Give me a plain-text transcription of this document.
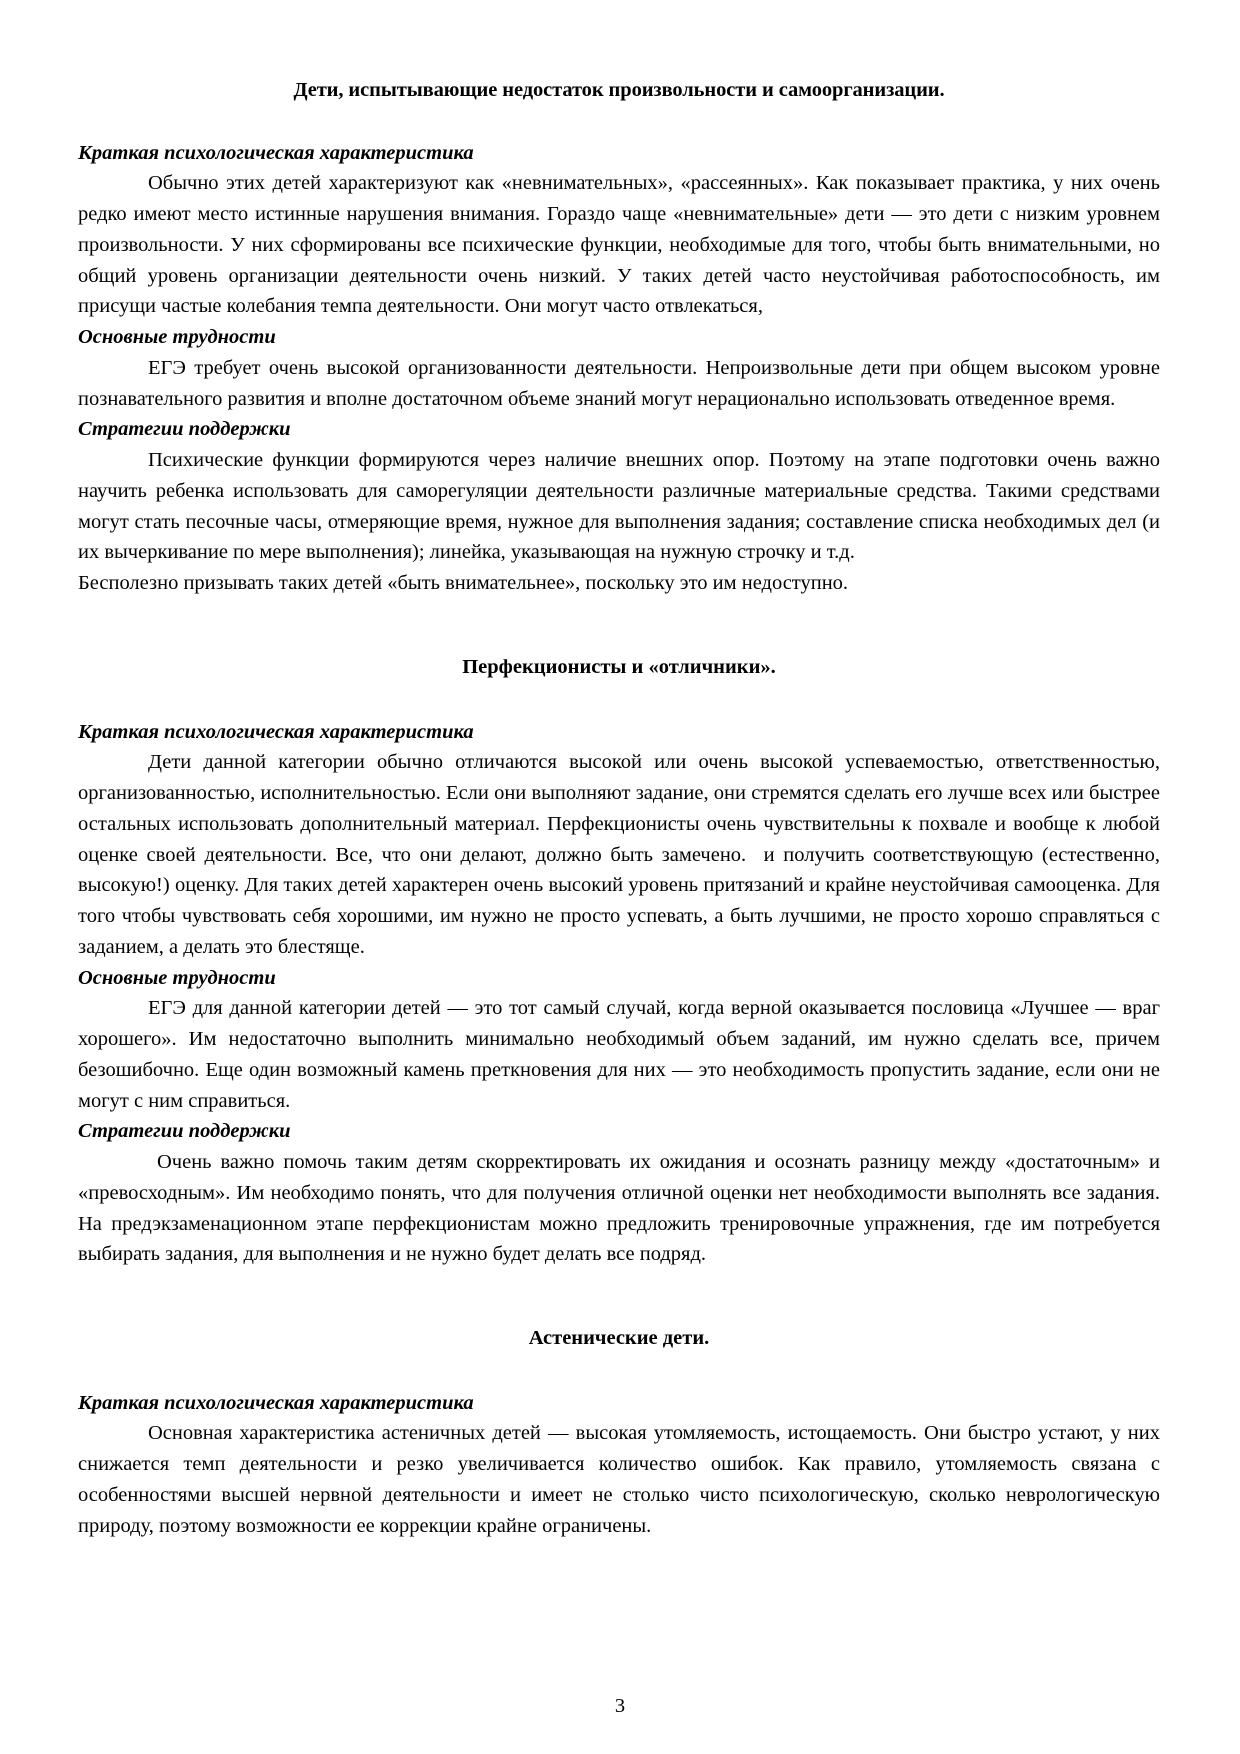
Дети, испытывающие недостаток произвольности и самоорганизации.
Краткая психологическая характеристика

Обычно этих детей характеризуют как «невнимательных», «рассеянных». Как показывает практика, у них очень редко имеют место истинные нарушения внимания. Гораздо чаще «невнимательные» дети — это дети с низким уровнем произвольности. У них сформированы все психические функции, необходимые для того, чтобы быть внимательными, но общий уровень организации деятельности очень низкий. У таких детей часто неустойчивая работоспособность, им присущи частые колебания темпа деятельности. Они могут часто отвлекаться,

Основные трудности

ЕГЭ требует очень высокой организованности деятельности. Непроизвольные дети при общем высоком уровне познавательного развития и вполне достаточном объеме знаний могут нерационально использовать отведенное время.

Стратегии поддержки

Психические функции формируются через наличие внешних опор. Поэтому на этапе подготовки очень важно научить ребенка использовать для саморегуляции деятельности различные материальные средства. Такими средствами могут стать песочные часы, отмеряющие время, нужное для выполнения задания; составление списка необходимых дел (и их вычеркивание по мере выполнения); линейка, указывающая на нужную строчку и т.д.

Бесполезно призывать таких детей «быть внимательнее», поскольку это им недоступно.

Перфекционисты и «отличники».
Краткая психологическая характеристика

Дети данной категории обычно отличаются высокой или очень высокой успеваемостью, ответственностью, организованностью, исполнительностью. Если они выполняют задание, они стремятся сделать его лучше всех или быстрее остальных использовать дополнительный материал. Перфекционисты очень чувствительны к похвале и вообще к любой оценке своей деятельности. Все, что они делают, должно быть замечено.  и получить соответствующую (естественно, высокую!) оценку. Для таких детей характерен очень высокий уровень притязаний и крайне неустойчивая самооценка. Для того чтобы чувствовать себя хорошими, им нужно не просто успевать, а быть лучшими, не просто хорошо справляться с заданием, а делать это блестяще.

Основные трудности

ЕГЭ для данной категории детей — это тот самый случай, когда верной оказывается пословица «Лучшее — враг хорошего». Им недостаточно выполнить минимально необходимый объем заданий, им нужно сделать все, причем безошибочно. Еще один возможный камень преткновения для них — это необходимость пропустить задание, если они не могут с ним справиться.

Стратегии поддержки

Очень важно помочь таким детям скорректировать их ожидания и осознать разницу между «достаточным» и «превосходным». Им необходимо понять, что для получения отличной оценки нет необходимости выполнять все задания. На предэкзаменационном этапе перфекционистам можно предложить тренировочные упражнения, где им потребуется выбирать задания, для выполнения и не нужно будет делать все подряд.

Астенические дети.
Краткая психологическая характеристика

Основная характеристика астеничных детей — высокая утомляемость, истощаемость. Они быстро устают, у них снижается темп деятельности и резко увеличивается количество ошибок. Как правило, утомляемость связана с особенностями высшей нервной деятельности и имеет не столько чисто психологическую, сколько неврологическую природу, поэтому возможности ее коррекции крайне ограничены.

3
